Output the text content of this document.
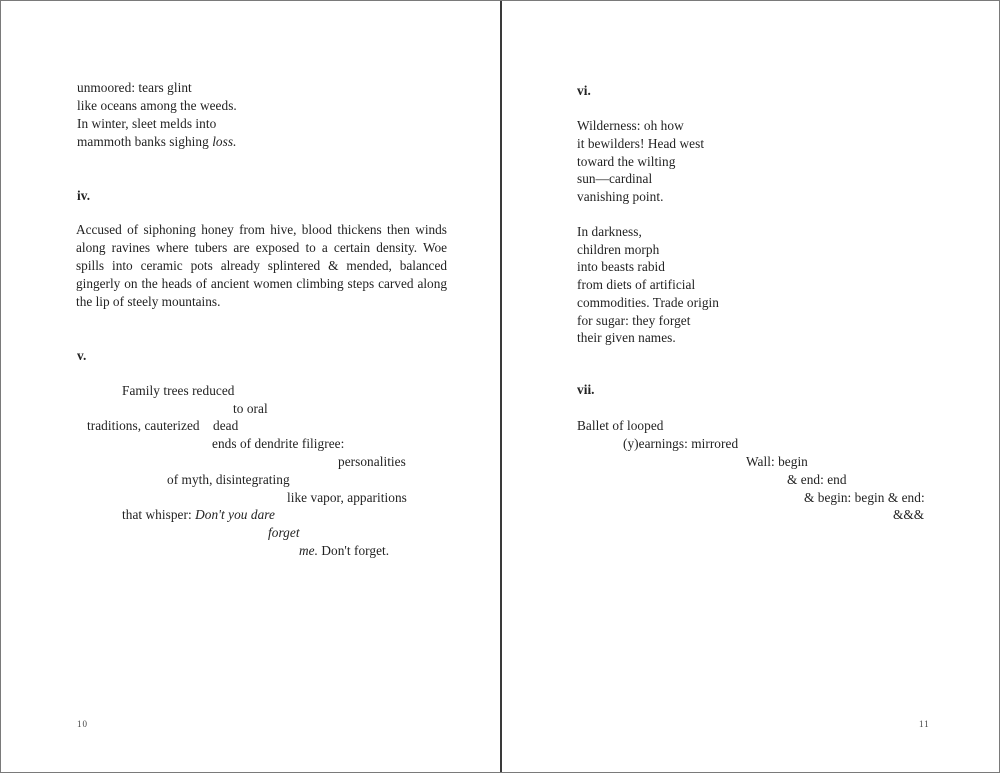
unmoored: tears glint
like oceans among the weeds.
In winter, sleet melds into
mammoth banks sighing loss.
iv.
Accused of siphoning honey from hive, blood thickens then winds along ravines where tubers are exposed to a certain density. Woe spills into ceramic pots already splintered & mended, balanced gingerly on the heads of ancient women climbing steps carved along the lip of steely mountains.
v.
Family trees reduced
to oral
traditions, cauterized dead
ends of dendrite filigree:
personalities
of myth, disintegrating
like vapor, apparitions
that whisper: Don't you dare
forget
me. Don't forget.
10
vi.
Wilderness: oh how
it bewilders! Head west
toward the wilting
sun—cardinal
vanishing point.
In darkness,
children morph
into beasts rabid
from diets of artificial
commodities. Trade origin
for sugar: they forget
their given names.
vii.
Ballet of looped
(y)earnings: mirrored
Wall: begin
& end: end
& begin: begin & end:
&&&
11
